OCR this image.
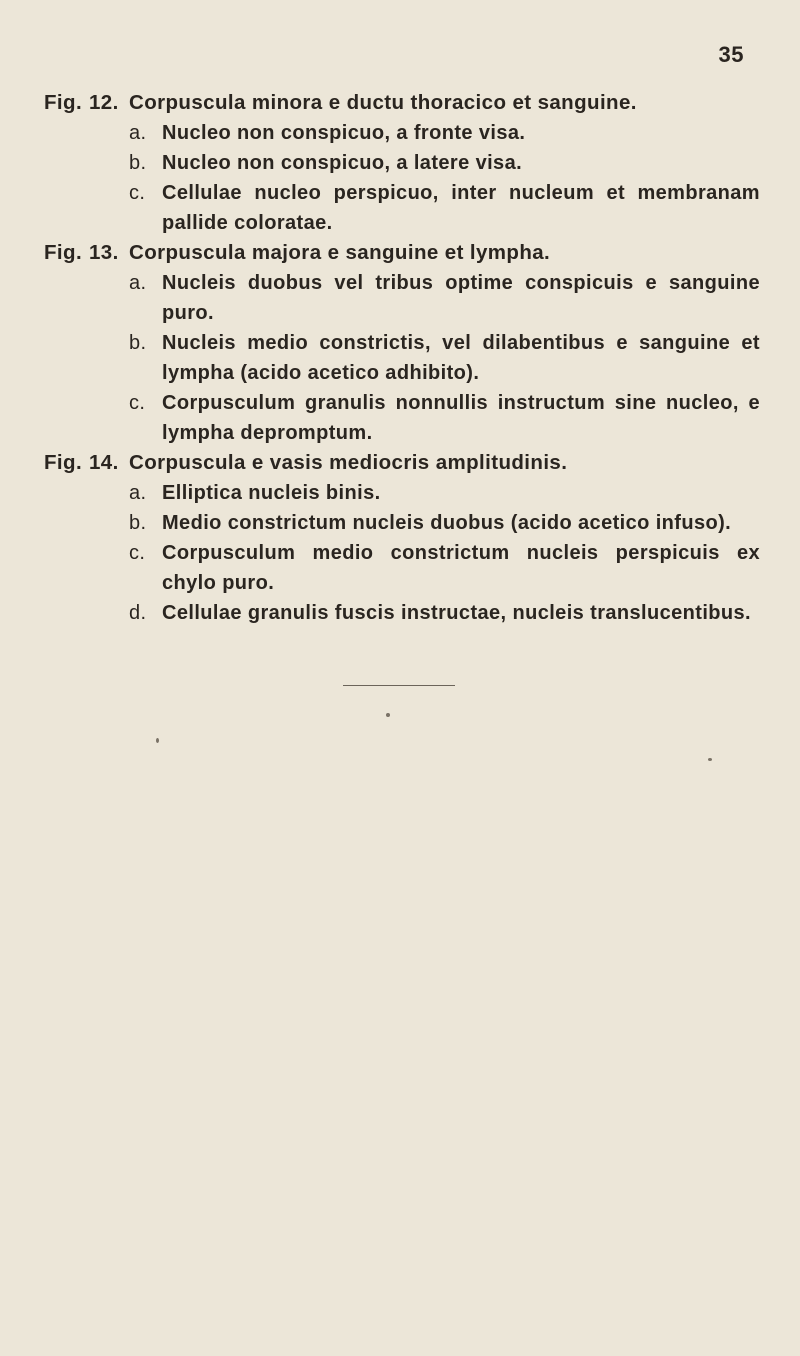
35
Fig. 12. Corpuscula minora e ductu thoracico et sanguine.
a. Nucleo non conspicuo, a fronte visa.
b. Nucleo non conspicuo, a latere visa.
c. Cellulae nucleo perspicuo, inter nucleum et membranam pallide coloratae.
Fig. 13. Corpuscula majora e sanguine et lympha.
a. Nucleis duobus vel tribus optime conspicuis e sanguine puro.
b. Nucleis medio constrictis, vel dilabentibus e sanguine et lympha (acido acetico adhibito).
c. Corpusculum granulis nonnullis instructum sine nucleo, e lympha depromptum.
Fig. 14. Corpuscula e vasis mediocris amplitudinis.
a. Elliptica nucleis binis.
b. Medio constrictum nucleis duobus (acido acetico infuso).
c. Corpusculum medio constrictum nucleis perspicuis ex chylo puro.
d. Cellulae granulis fuscis instructae, nucleis translucentibus.
